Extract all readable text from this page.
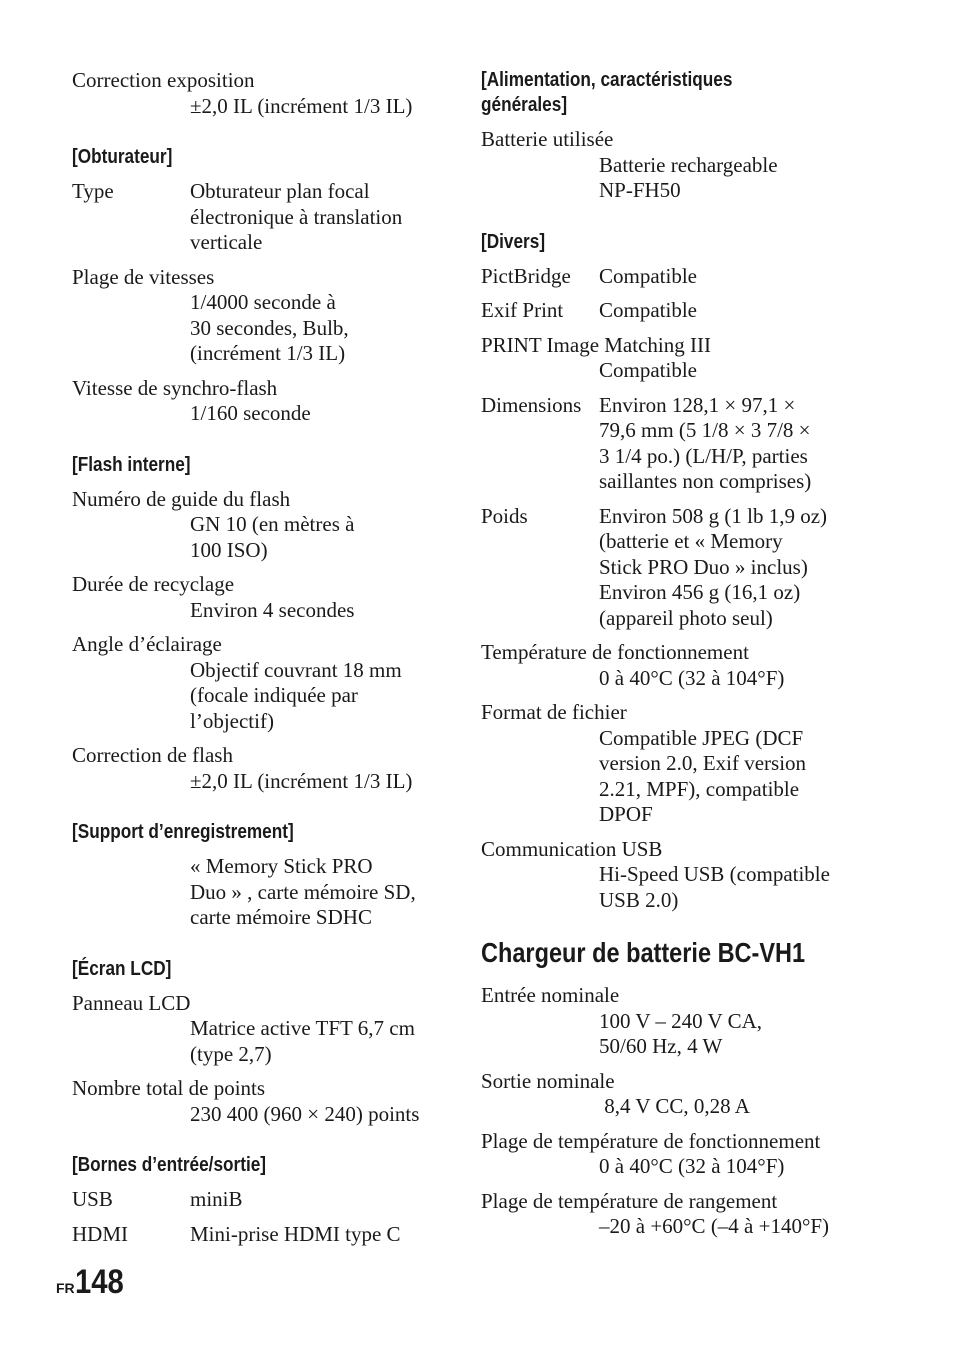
Correction exposition
±2,0 IL (incrément 1/3 IL)
[Obturateur]
Type	Obturateur plan focal
électronique à translation
verticale
Plage de vitesses
1/4000 seconde à
30 secondes, Bulb,
(incrément 1/3 IL)
Vitesse de synchro-flash
1/160 seconde
[Flash interne]
Numéro de guide du flash
GN 10 (en mètres à
100 ISO)
Durée de recyclage
Environ 4 secondes
Angle d’éclairage
Objectif couvrant 18 mm
(focale indiquée par
l’objectif)
Correction de flash
±2,0 IL (incrément 1/3 IL)
[Support d’enregistrement]
« Memory Stick PRO
Duo » , carte mémoire SD,
carte mémoire SDHC
[Écran LCD]
Panneau LCD
Matrice active TFT 6,7 cm
(type 2,7)
Nombre total de points
230 400 (960 × 240) points
[Bornes d’entrée/sortie]
USB	miniB
HDMI	Mini-prise HDMI type C
[Alimentation, caractéristiques générales]
Batterie utilisée
Batterie rechargeable
NP-FH50
[Divers]
PictBridge	Compatible
Exif Print	Compatible
PRINT Image Matching III
Compatible
Dimensions Environ 128,1 × 97,1 ×
79,6 mm (5 1/8 × 3 7/8 ×
3 1/4 po.) (L/H/P, parties
saillantes non comprises)
Poids	Environ 508 g (1 lb 1,9 oz)
(batterie et « Memory
Stick PRO Duo » inclus)
Environ 456 g (16,1 oz)
(appareil photo seul)
Température de fonctionnement
0 à 40°C (32 à 104°F)
Format de fichier
Compatible JPEG (DCF
version 2.0, Exif version
2.21, MPF), compatible
DPOF
Communication USB
Hi-Speed USB (compatible
USB 2.0)
Chargeur de batterie BC-VH1
Entrée nominale
100 V – 240 V CA,
50/60 Hz, 4 W
Sortie nominale
8,4 V CC, 0,28 A
Plage de température de fonctionnement
0 à 40°C (32 à 104°F)
Plage de température de rangement
–20 à +60°C (–4 à +140°F)
$^{FR}$148
